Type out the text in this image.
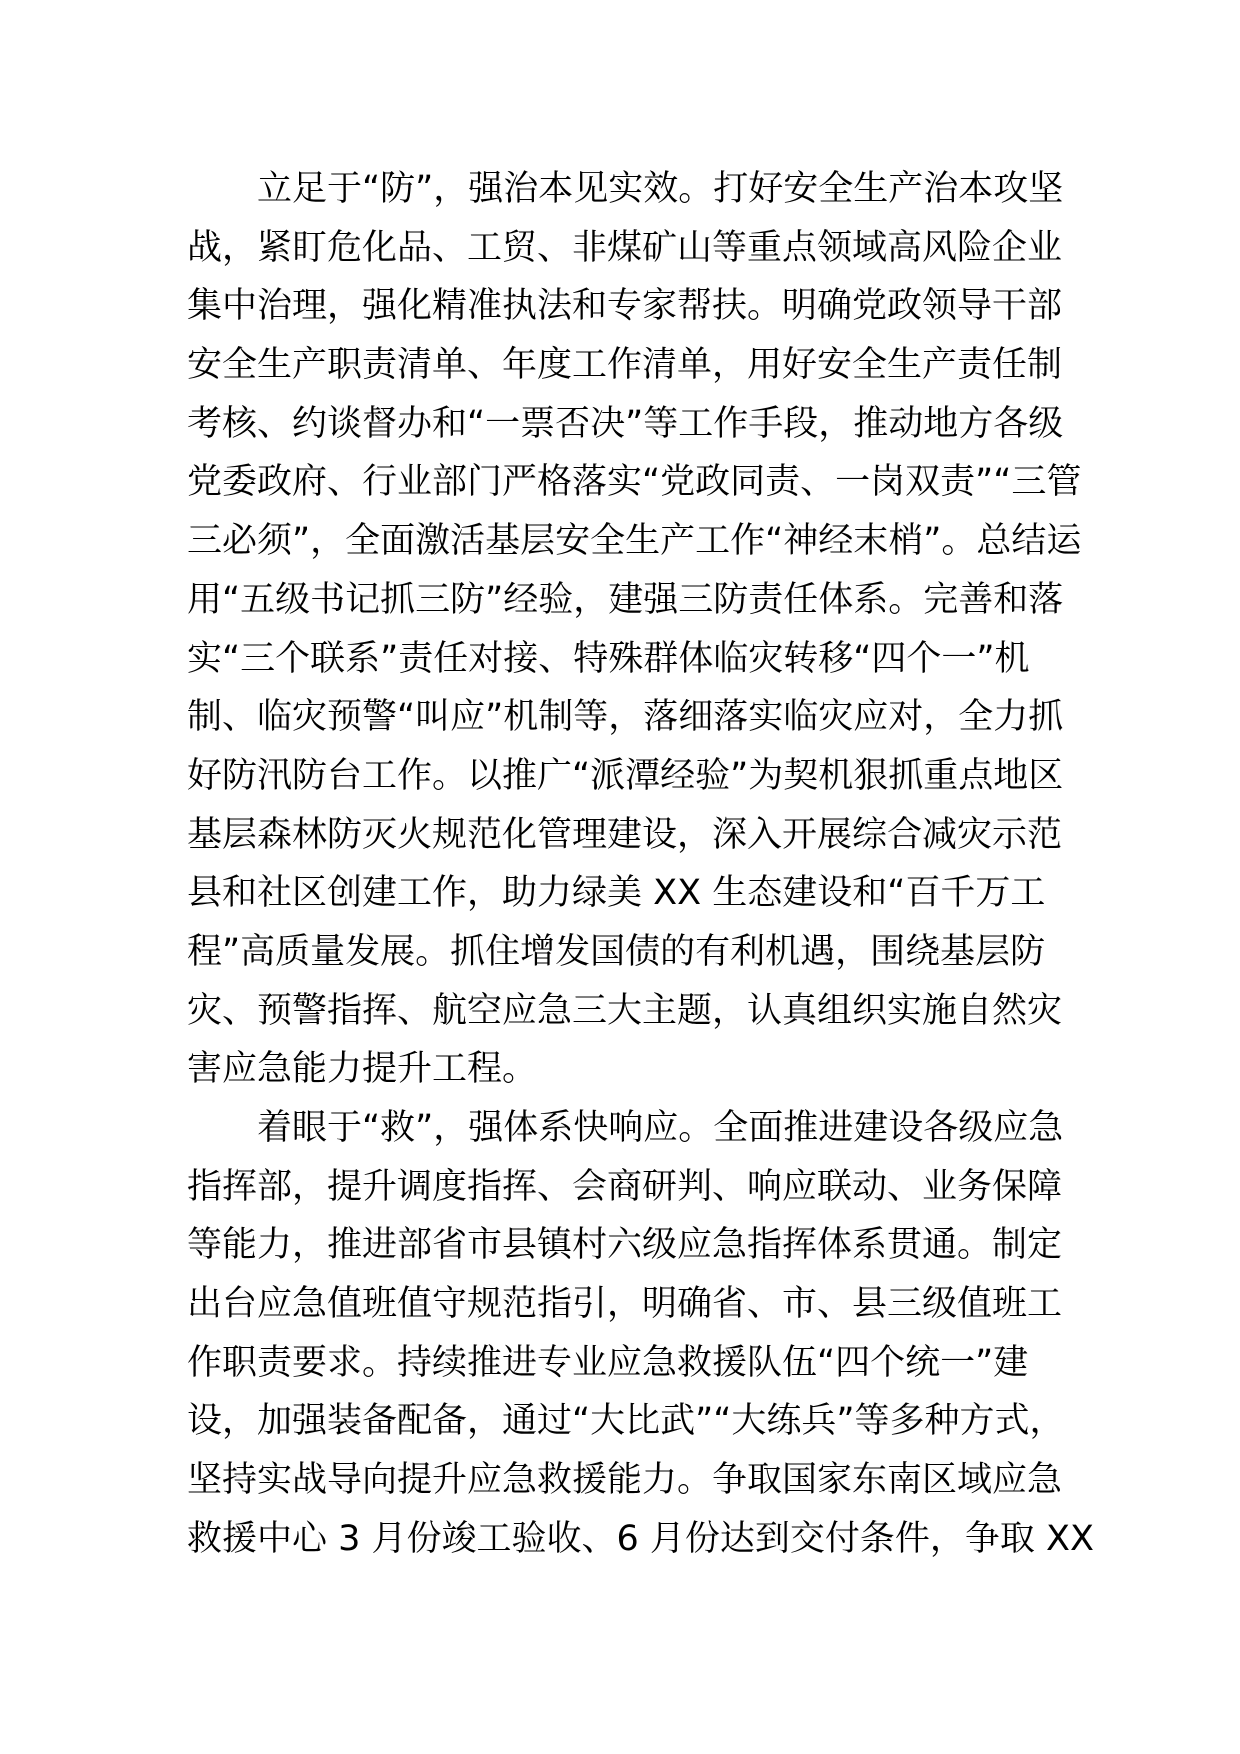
立足于“防”，强治本见实效。打好安全生产治本攻坚
战，紧盯危化品、工贸、非煤矿山等重点领域高风险企业
集中治理，强化精准执法和专家帮扶。明确党政领导干部
安全生产职责清单、年度工作清单，用好安全生产责任制
考核、约谈督办和“一票否决”等工作手段，推动地方各级
党委政府、行业部门严格落实“党政同责、一岗双责”“三管
三必须”，全面激活基层安全生产工作“神经末梢”。总结运
用“五级书记抓三防”经验，建强三防责任体系。完善和落
实“三个联系”责任对接、特殊群体临灾转移“四个一”机
制、临灾预警“叫应”机制等，落细落实临灾应对，全力抓
好防汛防台工作。以推广“派潭经验”为契机狠抓重点地区
基层森林防灭火规范化管理建设，深入开展综合减灾示范
县和社区创建工作，助力绿美 XX 生态建设和“百千万工
程”高质量发展。抓住增发国债的有利机遇，围绕基层防
灾、预警指挥、航空应急三大主题，认真组织实施自然灾
害应急能力提升工程。
着眼于“救”，强体系快响应。全面推进建设各级应急
指挥部，提升调度指挥、会商研判、响应联动、业务保障
等能力，推进部省市县镇村六级应急指挥体系贯通。制定
出台应急值班值守规范指引，明确省、市、县三级值班工
作职责要求。持续推进专业应急救援队伍“四个统一”建
设，加强装备配备，通过“大比武”“大练兵”等多种方式，
坚持实战导向提升应急救援能力。争取国家东南区域应急
救援中心 3 月份竣工验收、6 月份达到交付条件，争取 XX
